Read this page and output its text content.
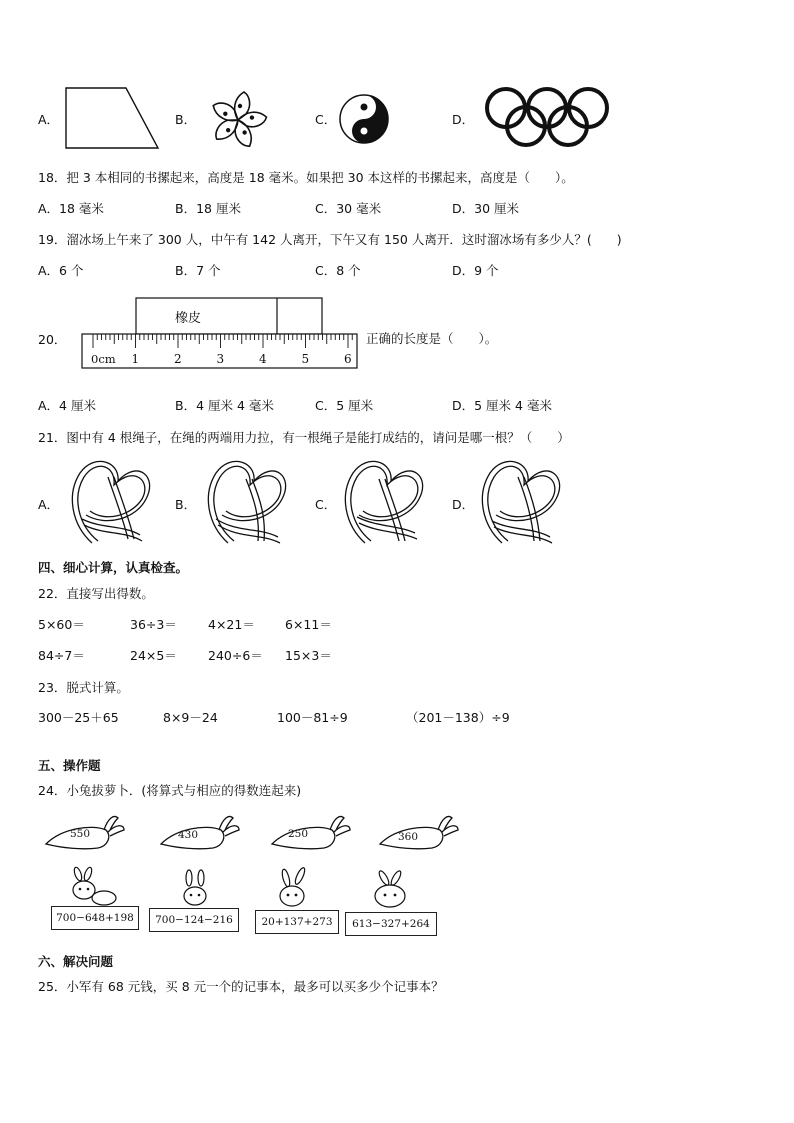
A．	B．	C．	D．
18．把 3 本相同的书摞起来，高度是 18 毫米。如果把 30 本这样的书摞起来，高度是（　　）。
A．18 毫米	B．18 厘米	C．30 毫米	D．30 厘米
19．溜冰场上午来了 300 人，中午有 142 人离开，下午又有 150 人离开．这时溜冰场有多少人？(　　)
A．6 个	B．7 个	C．8 个	D．9 个
20．
橡皮
0cm 1	2	3	4	5	6
正确的长度是（　　）。
A．4 厘米	B．4 厘米 4 毫米	C．5 厘米	D．5 厘米 4 毫米
21．图中有 4 根绳子，在绳的两端用力拉，有一根绳子是能打成结的，请问是哪一根？（　　）
A．	B．	C．	D．
四、细心计算，认真检查。
22．直接写出得数。
5×60＝	36÷3＝ 4×21＝ 6×11＝
84÷7＝	24×5＝ 240÷6＝ 15×3＝
23．脱式计算。
300－25＋65	8×9－24	100－81÷9	（201－138）÷9
五、操作题
24．小兔拔萝卜．(将算式与相应的得数连起来)
550	430	250	360
700−648+198	700−124−216	20+137+273	613−327+264
六、解决问题
25．小军有 68 元钱，买 8 元一个的记事本，最多可以买多少个记事本？
